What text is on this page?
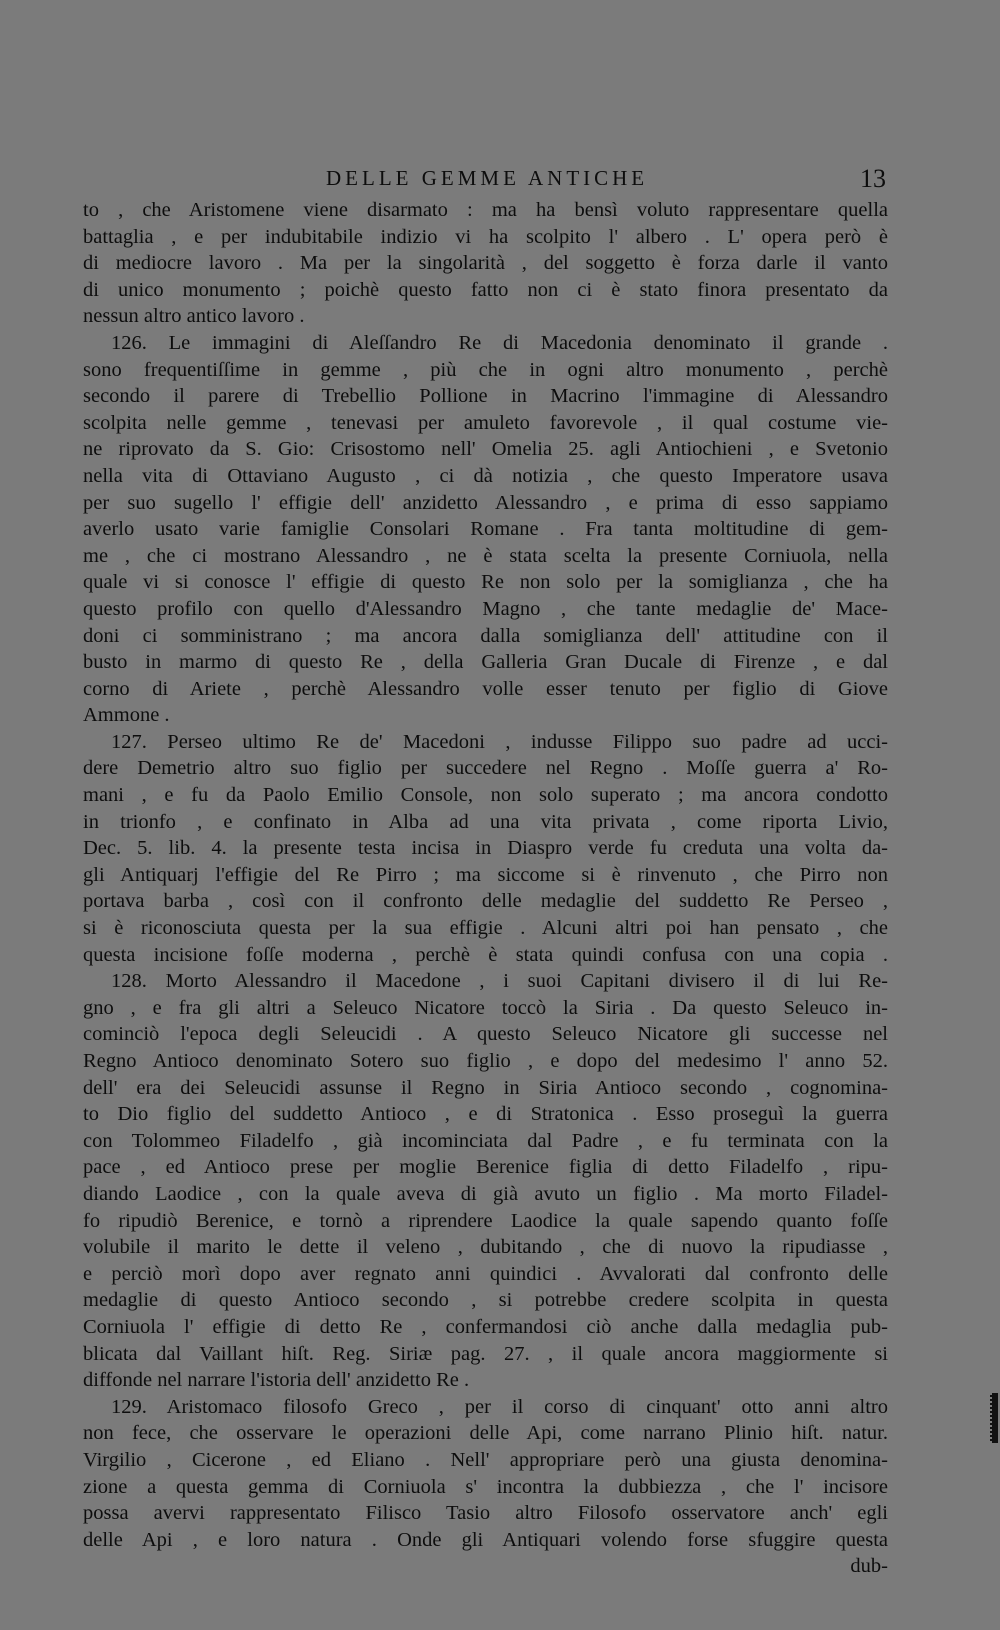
DELLE GEMME ANTICHE	13
to , che Aristomene viene disarmato : ma ha bensì voluto rappresentare quella
battaglia , e per indubitabile indizio vi ha scolpito l' albero . L' opera però è
di mediocre lavoro . Ma per la singolarità , del soggetto è forza darle il vanto
di unico monumento ; poichè questo fatto non ci è stato finora presentato da
nessun altro antico lavoro .
126. Le immagini di Aleſſandro Re di Macedonia denominato il grande .
sono frequentiſſime in gemme , più che in ogni altro monumento , perchè
secondo il parere di Trebellio Pollione in Macrino l'immagine di Alessandro
scolpita nelle gemme , tenevasi per amuleto favorevole , il qual costume vie-
ne riprovato da S. Gio: Crisostomo nell' Omelia 25. agli Antiochieni , e Svetonio
nella vita di Ottaviano Augusto , ci dà notizia , che questo Imperatore usava
per suo sugello l' effigie dell' anzidetto Alessandro , e prima di esso sappiamo
averlo usato varie famiglie Consolari Romane . Fra tanta moltitudine di gem-
me , che ci mostrano Alessandro , ne è stata scelta la presente Corniuola, nella
quale vi si conosce l' effigie di questo Re non solo per la somiglianza , che ha
questo profilo con quello d'Alessandro Magno , che tante medaglie de' Mace-
doni ci somministrano ; ma ancora dalla somiglianza dell' attitudine con il
busto in marmo di questo Re , della Galleria Gran Ducale di Firenze , e dal
corno di Ariete , perchè Alessandro volle esser tenuto per figlio di Giove
Ammone .
127. Perseo ultimo Re de' Macedoni , indusse Filippo suo padre ad ucci-
dere Demetrio altro suo figlio per succedere nel Regno . Moſſe guerra a' Ro-
mani , e fu da Paolo Emilio Console, non solo superato ; ma ancora condotto
in trionfo , e confinato in Alba ad una vita privata , come riporta Livio,
Dec. 5. lib. 4. la presente testa incisa in Diaspro verde fu creduta una volta da-
gli Antiquarj l'effigie del Re Pirro ; ma siccome si è rinvenuto , che Pirro non
portava barba , così con il confronto delle medaglie del suddetto Re Perseo ,
si è riconosciuta questa per la sua effigie . Alcuni altri poi han pensato , che
questa incisione foſſe moderna , perchè è stata quindi confusa con una copia .
128. Morto Alessandro il Macedone , i suoi Capitani divisero il di lui Re-
gno , e fra gli altri a Seleuco Nicatore toccò la Siria . Da questo Seleuco in-
cominciò l'epoca degli Seleucidi . A questo Seleuco Nicatore gli successe nel
Regno Antioco denominato Sotero suo figlio , e dopo del medesimo l' anno 52.
dell' era dei Seleucidi assunse il Regno in Siria Antioco secondo , cognomina-
to Dio figlio del suddetto Antioco , e di Stratonica . Esso proseguì la guerra
con Tolommeo Filadelfo , già incominciata dal Padre , e fu terminata con la
pace , ed Antioco prese per moglie Berenice figlia di detto Filadelfo , ripu-
diando Laodice , con la quale aveva di già avuto un figlio . Ma morto Filadel-
fo ripudiò Berenice, e tornò a riprendere Laodice la quale sapendo quanto foſſe
volubile il marito le dette il veleno , dubitando , che di nuovo la ripudiasse ,
e perciò morì dopo aver regnato anni quindici . Avvalorati dal confronto delle
medaglie di questo Antioco secondo , si potrebbe credere scolpita in questa
Corniuola l' effigie di detto Re , confermandosi ciò anche dalla medaglia pub-
blicata dal Vaillant hiſt. Reg. Siriæ pag. 27. , il quale ancora maggiormente si
diffonde nel narrare l'istoria dell' anzidetto Re .
129. Aristomaco filosofo Greco , per il corso di cinquant' otto anni altro
non fece, che osservare le operazioni delle Api, come narrano Plinio hiſt. natur.
Virgilio , Cicerone , ed Eliano . Nell' appropriare però una giusta denomina-
zione a questa gemma di Corniuola s' incontra la dubbiezza , che l' incisore
possa avervi rappresentato Filisco Tasio altro Filosofo osservatore anch' egli
delle Api , e loro natura . Onde gli Antiquari volendo forse sfuggire questa
dub-
